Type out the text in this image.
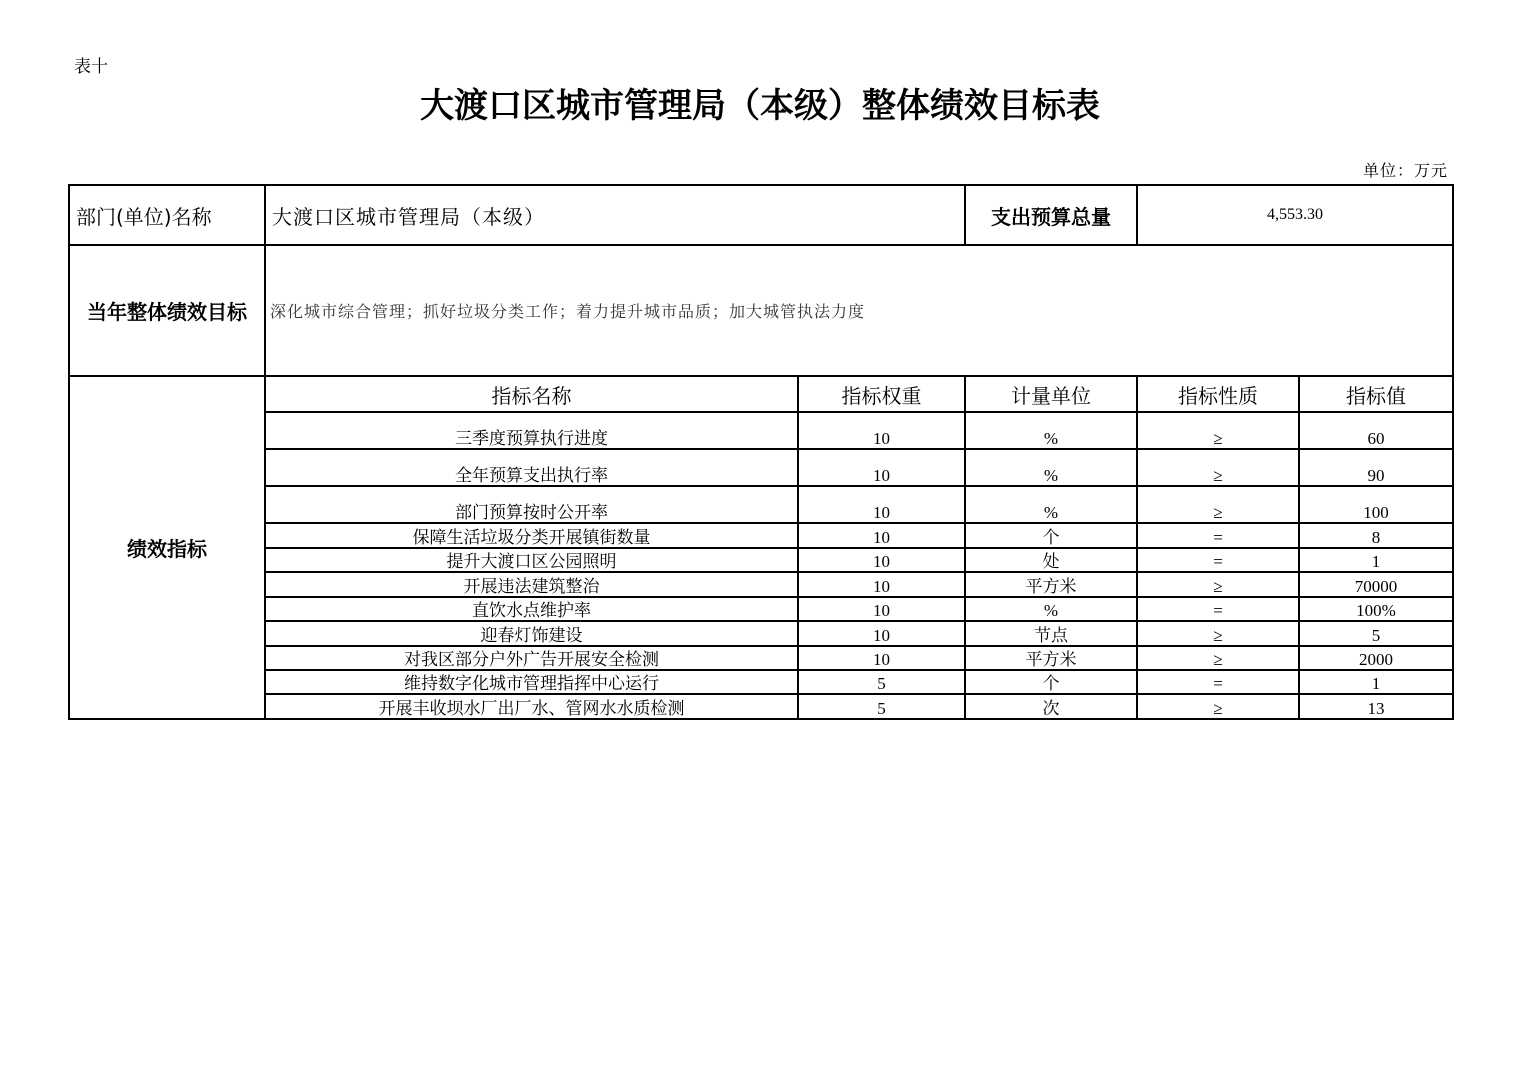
表十
大渡口区城市管理局（本级）整体绩效目标表
单位：万元
部门(单位)名称	大渡口区城市管理局（本级）		支出预算总量	4,553.30	
当年整体绩效目标	深化城市综合管理；抓好垃圾分类工作；着力提升城市品质；加大城管执法力度				
绩效指标	指标名称	指标权重	计量单位	指标性质	指标值
	三季度预算执行进度	10	%	≥	60
	全年预算支出执行率	10	%	≥	90
	部门预算按时公开率	10	%	≥	100
	保障生活垃圾分类开展镇街数量	10	个	=	8
	提升大渡口区公园照明	10	处	=	1
	开展违法建筑整治	10	平方米	≥	70000
	直饮水点维护率	10	%	=	100%
	迎春灯饰建设	10	节点	≥	5
	对我区部分户外广告开展安全检测	10	平方米	≥	2000
	维持数字化城市管理指挥中心运行	5	个	=	1
	开展丰收坝水厂出厂水、管网水水质检测	5	次	≥	13
